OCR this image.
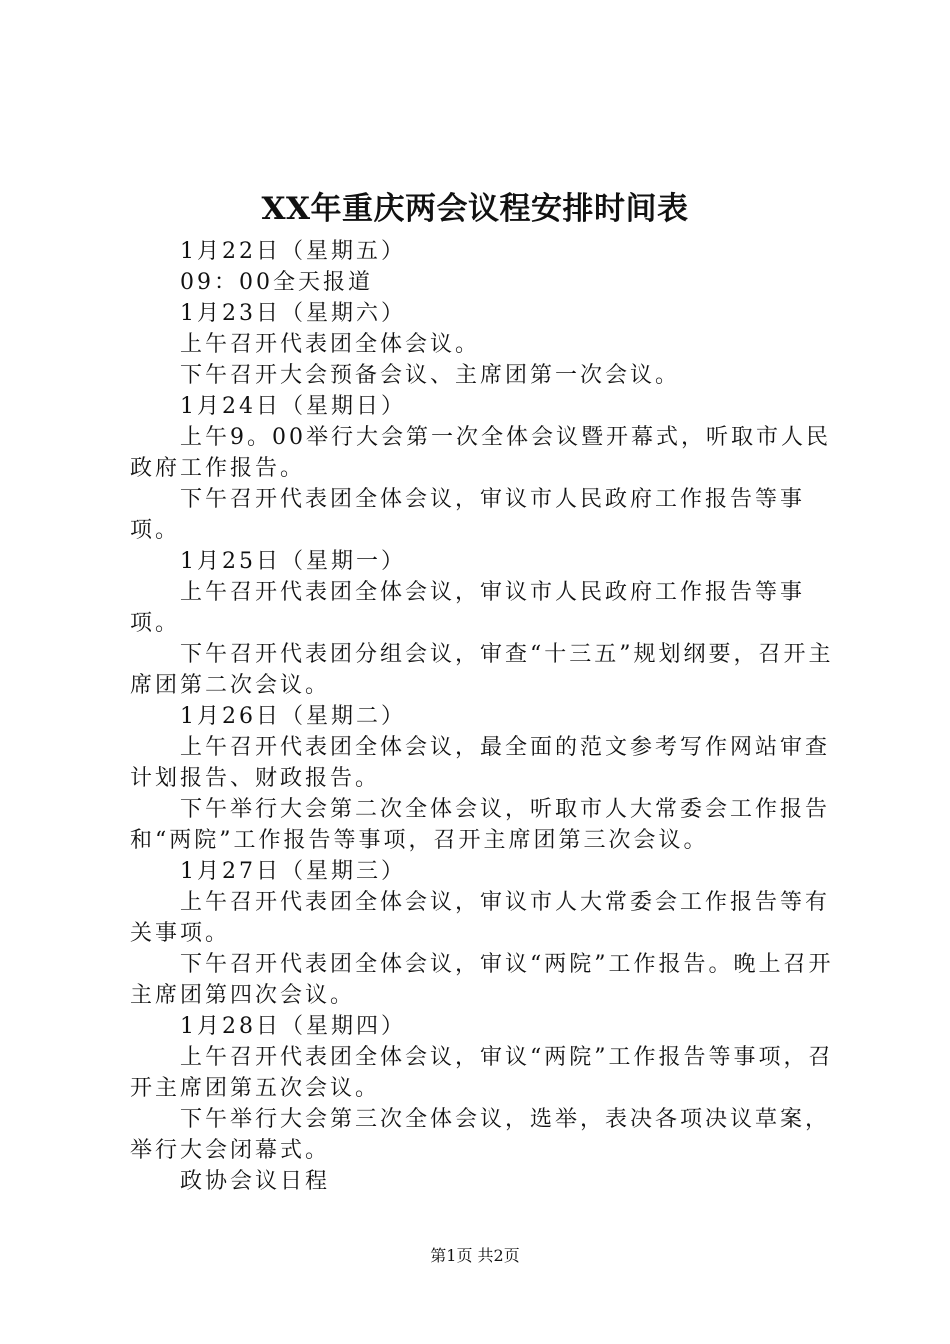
XX年重庆两会议程安排时间表

1月22日（星期五）

09：00全天报道

1月23日（星期六）

上午召开代表团全体会议。

下午召开大会预备会议、主席团第一次会议。

1月24日（星期日）

上午9。00举行大会第一次全体会议暨开幕式，听取市人民政府工作报告。

下午召开代表团全体会议，审议市人民政府工作报告等事项。

1月25日（星期一）

上午召开代表团全体会议，审议市人民政府工作报告等事项。

下午召开代表团分组会议，审查“十三五”规划纲要，召开主席团第二次会议。

1月26日（星期二）

上午召开代表团全体会议，最全面的范文参考写作网站审查计划报告、财政报告。

下午举行大会第二次全体会议，听取市人大常委会工作报告和“两院”工作报告等事项，召开主席团第三次会议。

1月27日（星期三）

上午召开代表团全体会议，审议市人大常委会工作报告等有关事项。

下午召开代表团全体会议，审议“两院”工作报告。晚上召开主席团第四次会议。

1月28日（星期四）

上午召开代表团全体会议，审议“两院”工作报告等事项，召开主席团第五次会议。

下午举行大会第三次全体会议，选举，表决各项决议草案，举行大会闭幕式。

政协会议日程

第1页 共2页
